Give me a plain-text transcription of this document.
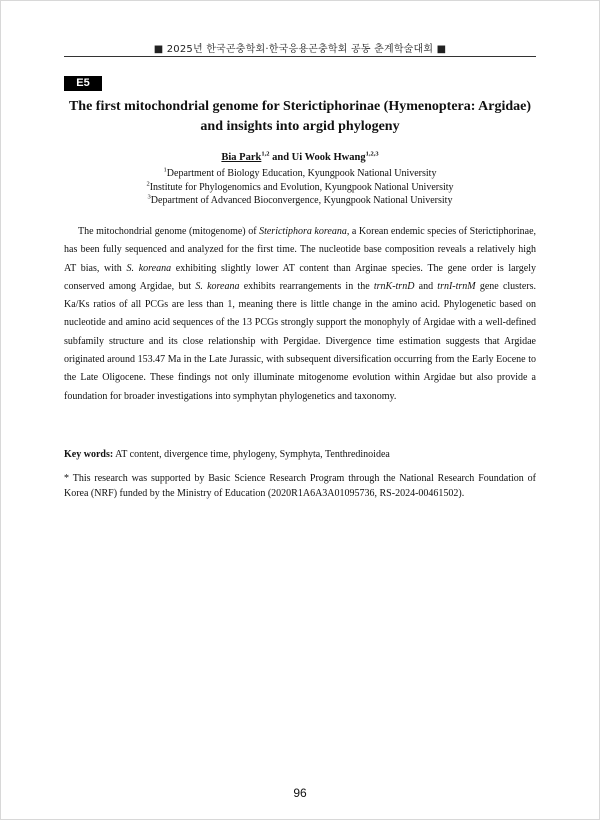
■ 2025년 한국곤충학회·한국응용곤충학회 공동 춘계학술대회 ■
E5
The first mitochondrial genome for Sterictiphorinae (Hymenoptera: Argidae)
and insights into argid phylogeny
Bia Park$^{1,2}$ and Ui Wook Hwang$^{1,2,3}$
$^1$Department of Biology Education, Kyungpook National University
$^2$Institute for Phylogenomics and Evolution, Kyungpook National University
$^3$Department of Advanced Bioconvergence, Kyungpook National University

The mitochondrial genome (mitogenome) of Sterictiphora koreana, a Korean endemic species of Sterictiphorinae, has been fully sequenced and analyzed for the first time. The nucleotide base composition reveals a relatively high AT bias, with S. koreana exhibiting slightly lower AT content than Arginae species. The gene order is largely conserved among Argidae, but S. koreana exhibits rearrangements in the trnK-trnD and trnI-trnM gene clusters. Ka/Ks ratios of all PCGs are less than 1, meaning there is little change in the amino acid. Phylogenetic based on nucleotide and amino acid sequences of the 13 PCGs strongly support the monophyly of Argidae with a well-defined subfamily structure and its close relationship with Pergidae. Divergence time estimation suggests that Argidae originated around 153.47 Ma in the Late Jurassic, with subsequent diversification occurring from the Early Eocene to the Late Oligocene. These findings not only illuminate mitogenome evolution within Argidae but also provide a foundation for broader investigations into symphytan phylogenetics and taxonomy.

Key words: AT content, divergence time, phylogeny, Symphyta, Tenthredinoidea
* This research was supported by Basic Science Research Program through the National Research Foundation of Korea (NRF) funded by the Ministry of Education (2020R1A6A3A01095736, RS-2024-00461502).
96
